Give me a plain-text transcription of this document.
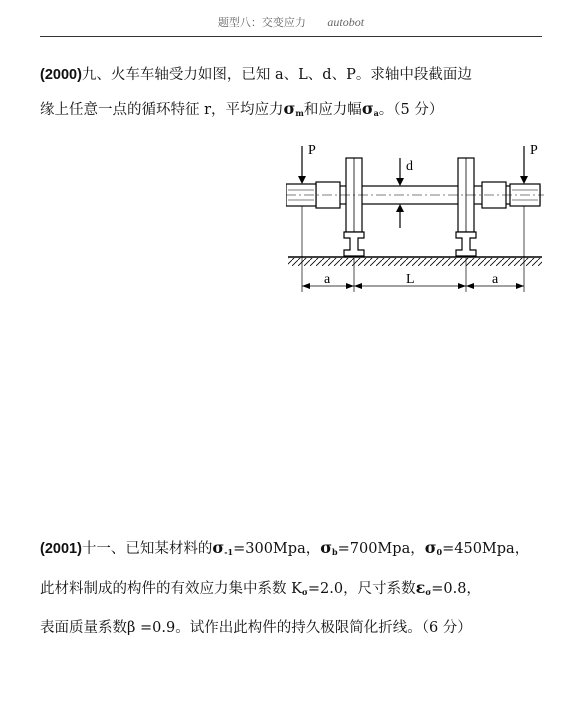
题型八：交变应力 autobot
(2000)九、火车车轴受力如图，已知 a、L、d、P。求轴中段截面边
缘上任意一点的循环特征 r，平均应力$\sigma_m$和应力幅$\sigma_a$。（5 分）
P	P
d
a	L	a
(2001)十一、已知某材料的$\sigma_{-1}=300Mpa$，$\sigma_b=700Mpa$，$\sigma_0=450Mpa$，
此材料制成的构件的有效应力集中系数 $K_\sigma=2.0$，尺寸系数$\varepsilon_\sigma=0.8$，
表面质量系数β =0.9。试作出此构件的持久极限简化折线。（6 分）
